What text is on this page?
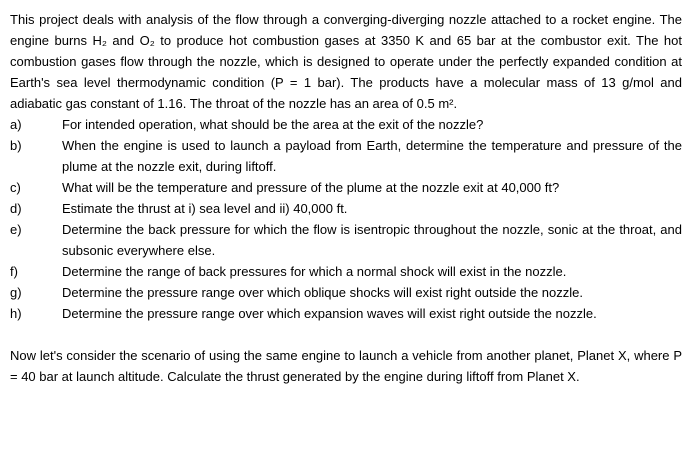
This project deals with analysis of the flow through a converging-diverging nozzle attached to a rocket engine. The engine burns H₂ and O₂ to produce hot combustion gases at 3350 K and 65 bar at the combustor exit. The hot combustion gases flow through the nozzle, which is designed to operate under the perfectly expanded condition at Earth's sea level thermodynamic condition (P = 1 bar). The products have a molecular mass of 13 g/mol and adiabatic gas constant of 1.16. The throat of the nozzle has an area of 0.5 m².

a)	For intended operation, what should be the area at the exit of the nozzle?
b)	When the engine is used to launch a payload from Earth, determine the temperature and pressure of the plume at the nozzle exit, during liftoff.
c)	What will be the temperature and pressure of the plume at the nozzle exit at 40,000 ft?
d)	Estimate the thrust at i) sea level and ii) 40,000 ft.
e)	Determine the back pressure for which the flow is isentropic throughout the nozzle, sonic at the throat, and subsonic everywhere else.
f)	Determine the range of back pressures for which a normal shock will exist in the nozzle.
g)	Determine the pressure range over which oblique shocks will exist right outside the nozzle.
h)	Determine the pressure range over which expansion waves will exist right outside the nozzle.

Now let's consider the scenario of using the same engine to launch a vehicle from another planet, Planet X, where P = 40 bar at launch altitude. Calculate the thrust generated by the engine during liftoff from Planet X.
